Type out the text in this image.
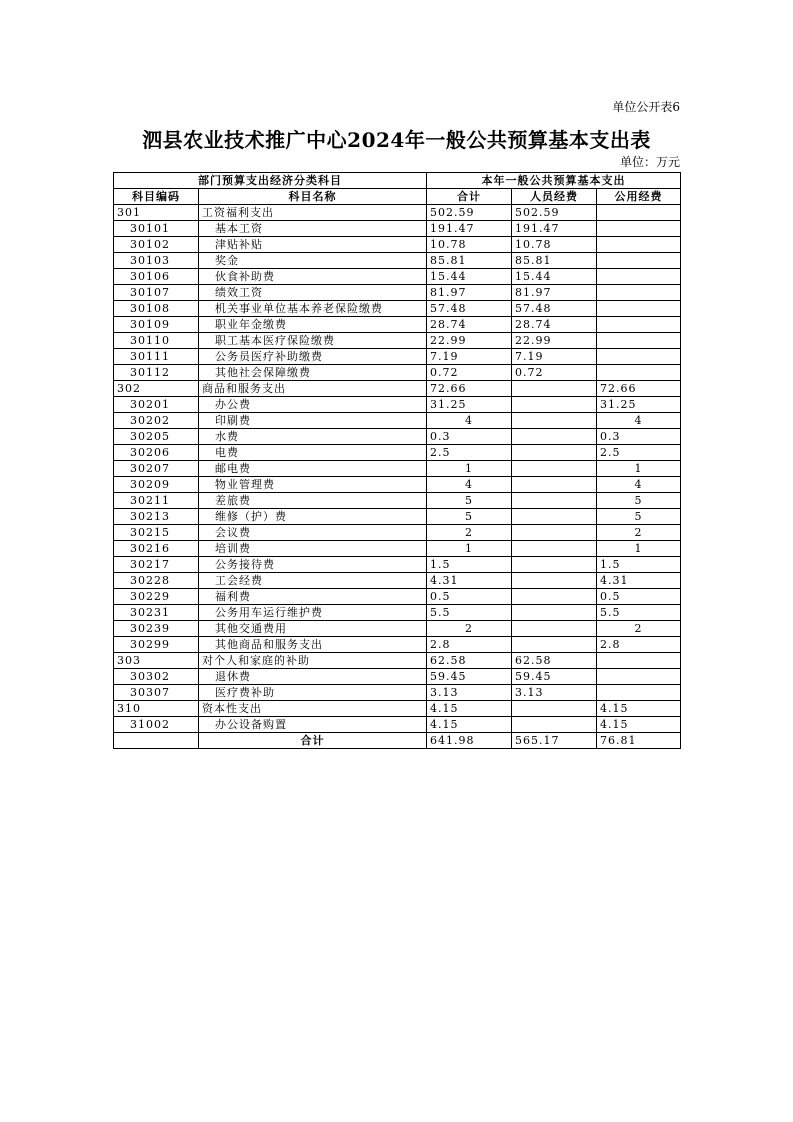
单位公开表6
泗县农业技术推广中心2024年一般公共预算基本支出表
单位：万元
部门预算支出经济分类科目		本年一般公共预算基本支出		
科目编码	科目名称	合计	人员经费	公用经费
301	工资福利支出	502.59	502.59	
30101	基本工资	191.47	191.47	
30102	津贴补贴	10.78	10.78	
30103	奖金	85.81	85.81	
30106	伙食补助费	15.44	15.44	
30107	绩效工资	81.97	81.97	
30108	机关事业单位基本养老保险缴费	57.48	57.48	
30109	职业年金缴费	28.74	28.74	
30110	职工基本医疗保险缴费	22.99	22.99	
30111	公务员医疗补助缴费	7.19	7.19	
30112	其他社会保障缴费	0.72	0.72	
302	商品和服务支出	72.66		72.66
30201	办公费	31.25		31.25
30202	印刷费	4		4
30205	水费	0.3		0.3
30206	电费	2.5		2.5
30207	邮电费	1		1
30209	物业管理费	4		4
30211	差旅费	5		5
30213	维修（护）费	5		5
30215	会议费	2		2
30216	培训费	1		1
30217	公务接待费	1.5		1.5
30228	工会经费	4.31		4.31
30229	福利费	0.5		0.5
30231	公务用车运行维护费	5.5		5.5
30239	其他交通费用	2		2
30299	其他商品和服务支出	2.8		2.8
303	对个人和家庭的补助	62.58	62.58	
30302	退休费	59.45	59.45	
30307	医疗费补助	3.13	3.13	
310	资本性支出	4.15		4.15
31002	办公设备购置	4.15		4.15
	合计	641.98	565.17	76.81
